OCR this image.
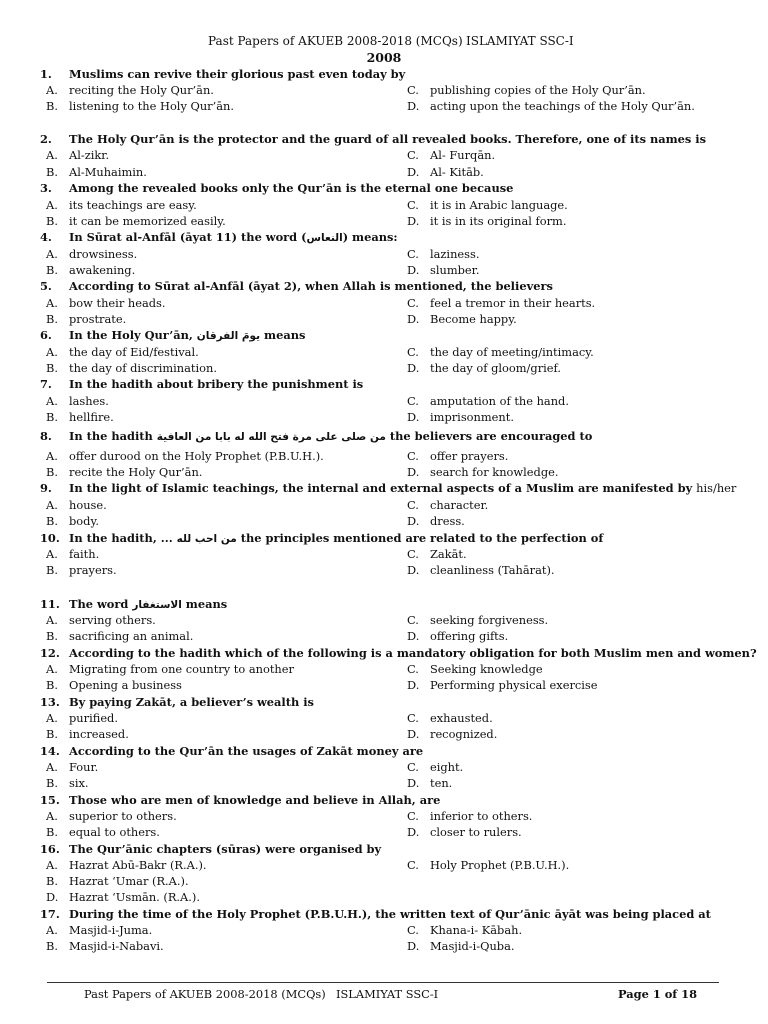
Past Papers of AKUEB 2008-2018 (MCQs) ISLAMIYAT SSC-I
2008
1. Muslims can revive their glorious past even today by
A. reciting the Holy Qur’ān.	C. publishing copies of the Holy Qur’ān.
B. listening to the Holy Qur’ān.	D. acting upon the teachings of the Holy Qur’ān.
2. The Holy Qur’ān is the protector and the guard of all revealed books. Therefore, one of its names is
A. Al-zikr.	C. Al- Furqān.
B. Al-Muhaimin.	D. Al- Kitāb.
3. Among the revealed books only the Qur’ān is the eternal one because
A. its teachings are easy.	C. it is in Arabic language.
B. it can be memorized easily.	D. it is in its original form.
4. In Sūrat al-Anfāl (āyat 11) the word (النعاس) means:
A. drowsiness.	C. laziness.
B. awakening.	D. slumber.
5. According to Sūrat al-Anfāl (āyat 2), when Allah is mentioned, the believers
A. bow their heads.	C. feel a tremor in their hearts.
B. prostrate.	D. Become happy.
6. In the Holy Qur’ān, يومَ الفرقان means
A. the day of Eid/festival.	C. the day of meeting/intimacy.
B. the day of discrimination.	D. the day of gloom/grief.
7. In the hadith about bribery the punishment is
A. lashes.	C. amputation of the hand.
B. hellfire.	D. imprisonment.
8. In the hadith من صلى علی مرة فتح الله له بابا من العافية the believers are encouraged to
A. offer durood on the Holy Prophet (P.B.U.H.).	C. offer prayers.
B. recite the Holy Qur’ān.	D. search for knowledge.
9. In the light of Islamic teachings, the internal and external aspects of a Muslim are manifested by his/her
A. house.	C. character.
B. body.	D. dress.
10. In the hadith, ... من احب لله the principles mentioned are related to the perfection of
A. faith.	C. Zakāt.
B. prayers.	D. cleanliness (Tahārat).
11. The word الاستغفار means
A. serving others.	C. seeking forgiveness.
B. sacrificing an animal.	D. offering gifts.
12. According to the hadith which of the following is a mandatory obligation for both Muslim men and women?
A. Migrating from one country to another	C. Seeking knowledge
B. Opening a business	D. Performing physical exercise
13. By paying Zakāt, a believer’s wealth is
A. purified.	C. exhausted.
B. increased.	D. recognized.
14. According to the Qur’ān the usages of Zakāt money are
A. Four.	C. eight.
B. six.	D. ten.
15. Those who are men of knowledge and believe in Allah, are
A. superior to others.	C. inferior to others.
B. equal to others.	D. closer to rulers.
16. The Qur’ānic chapters (sūras) were organised by
A. Hazrat Abū-Bakr (R.A.).	C. Holy Prophet (P.B.U.H.).
B. Hazrat ‘Umar (R.A.).
D. Hazrat ‘Usmān. (R.A.).
17. During the time of the Holy Prophet (P.B.U.H.), the written text of Qur’ānic āyāt was being placed at
A. Masjid-i-Juma.	C. Khana-i- Kābah.
B. Masjid-i-Nabavi.	D. Masjid-i-Quba.
Past Papers of AKUEB 2008-2018 (MCQs) ISLAMIYAT SSC-I	Page 1 of 18
